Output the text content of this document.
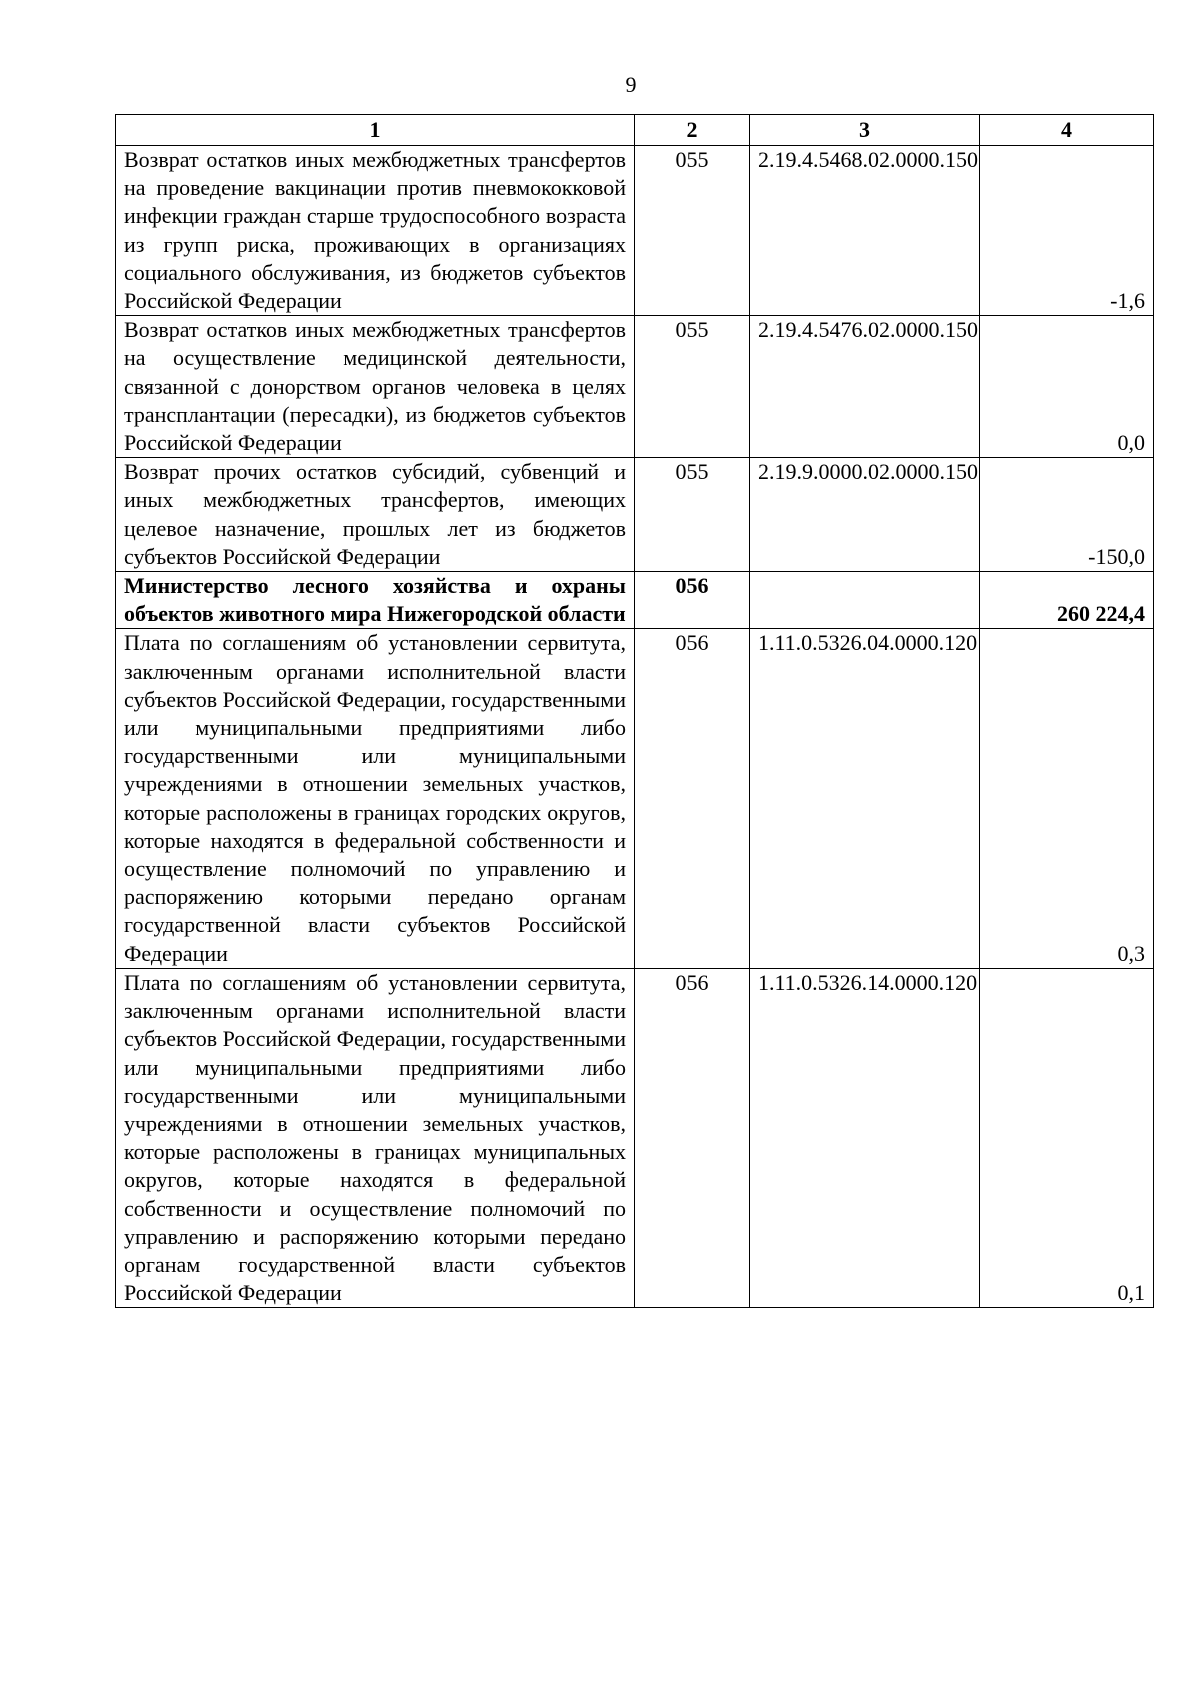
9
1	2	3	4
Возврат остатков иных межбюджетных трансфертов на проведение вакцинации против пневмококковой инфекции граждан старше трудоспособного возраста из групп риска, проживающих в организациях социального обслуживания, из бюджетов субъектов Российской Федерации	055	2.19.4.5468.02.0000.150	-1,6
Возврат остатков иных межбюджетных трансфертов на осуществление медицинской деятельности, связанной с донорством органов человека в целях трансплантации (пересадки), из бюджетов субъектов Российской Федерации	055	2.19.4.5476.02.0000.150	0,0
Возврат прочих остатков субсидий, субвенций и иных межбюджетных трансфертов, имеющих целевое назначение, прошлых лет из бюджетов субъектов Российской Федерации	055	2.19.9.0000.02.0000.150	-150,0
Министерство лесного хозяйства и охраны объектов животного мира Нижегородской области	056		260 224,4
Плата по соглашениям об установлении сервитута, заключенным органами исполнительной власти субъектов Российской Федерации, государственными или муниципальными предприятиями либо государственными или муниципальными учреждениями в отношении земельных участков, которые расположены в границах городских округов, которые находятся в федеральной собственности и осуществление полномочий по управлению и распоряжению которыми передано органам государственной власти субъектов Российской Федерации	056	1.11.0.5326.04.0000.120	0,3
Плата по соглашениям об установлении сервитута, заключенным органами исполнительной власти субъектов Российской Федерации, государственными или муниципальными предприятиями либо государственными или муниципальными учреждениями в отношении земельных участков, которые расположены в границах муниципальных округов, которые находятся в федеральной собственности и осуществление полномочий по управлению и распоряжению которыми передано органам государственной власти субъектов Российской Федерации	056	1.11.0.5326.14.0000.120	0,1
